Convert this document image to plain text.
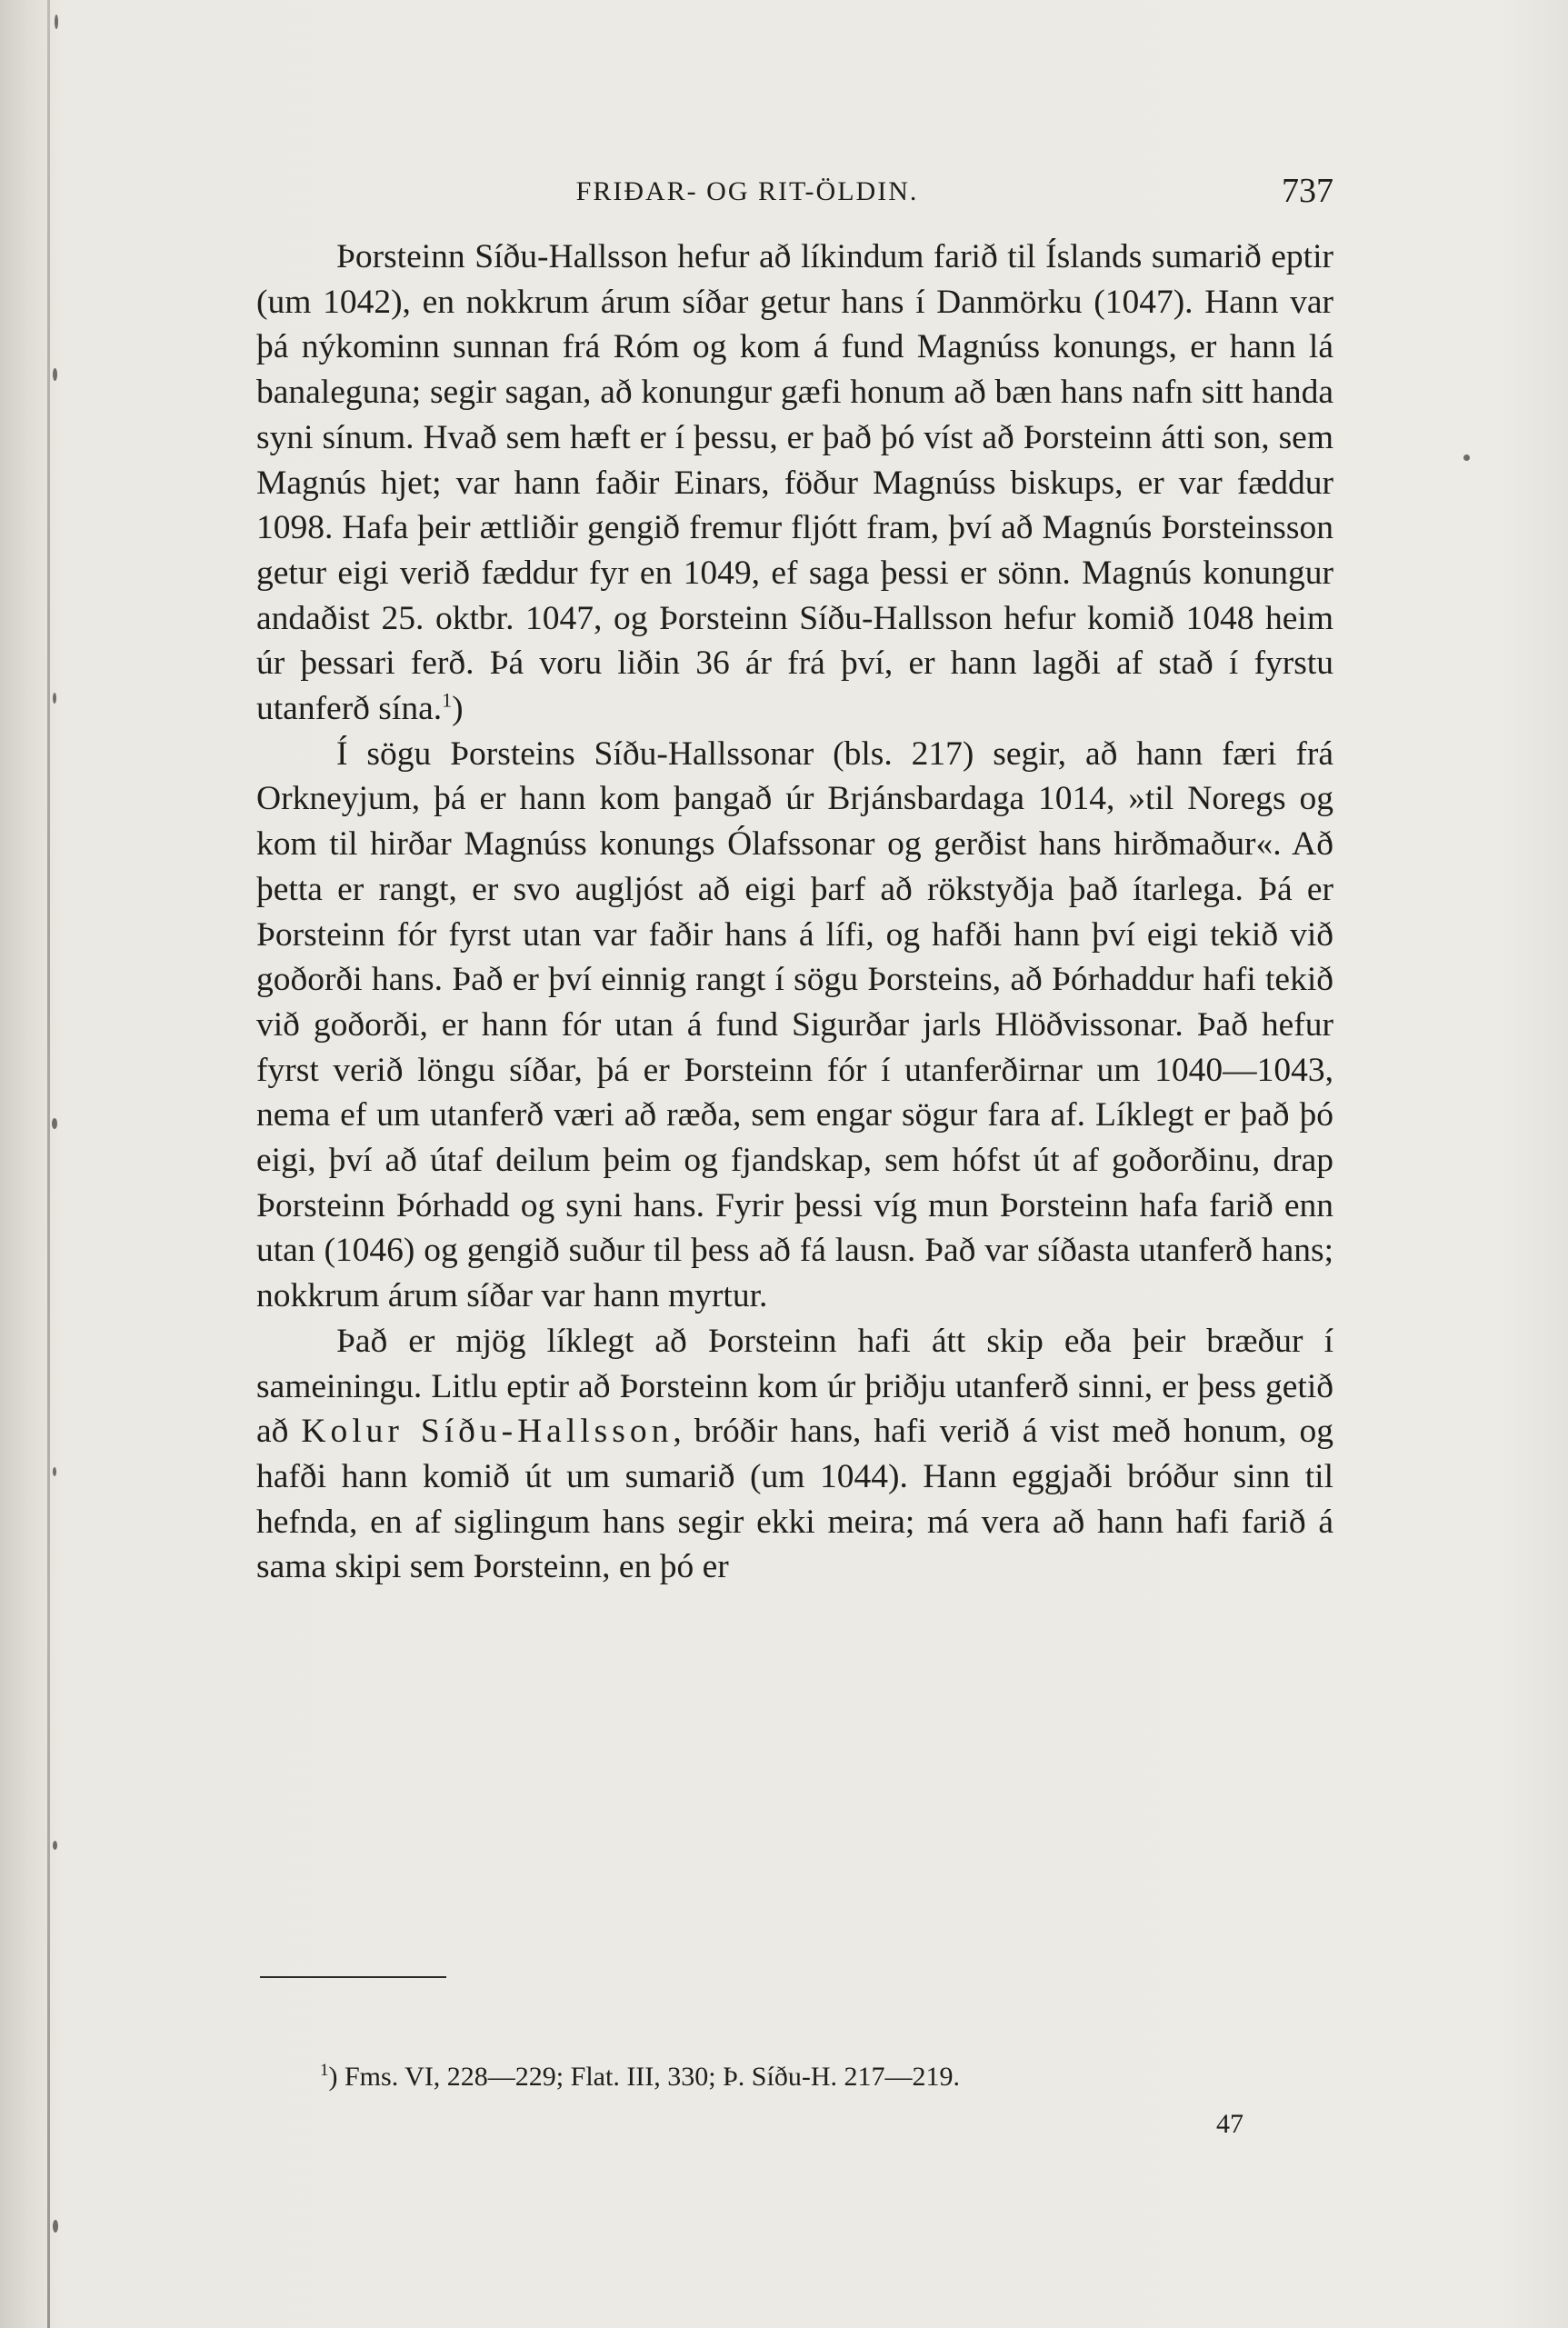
FRIÐAR- OG RIT-ÖLDIN.	737

Þorsteinn Síðu-Hallsson hefur að líkindum farið til Íslands sumarið eptir (um 1042), en nokkrum árum síðar getur hans í Danmörku (1047). Hann var þá nýkominn sunnan frá Róm og kom á fund Magnúss konungs, er hann lá banaleguna; segir sagan, að konungur gæfi honum að bæn hans nafn sitt handa syni sínum. Hvað sem hæft er í þessu, er það þó víst að Þorsteinn átti son, sem Magnús hjet; var hann faðir Einars, föður Magnúss biskups, er var fæddur 1098. Hafa þeir ættliðir gengið fremur fljótt fram, því að Magnús Þorsteinsson getur eigi verið fæddur fyr en 1049, ef saga þessi er sönn. Magnús konungur andaðist 25. oktbr. 1047, og Þorsteinn Síðu-Hallsson hefur komið 1048 heim úr þessari ferð. Þá voru liðin 36 ár frá því, er hann lagði af stað í fyrstu utanferð sína.$^1$)

Í sögu Þorsteins Síðu-Hallssonar (bls. 217) segir, að hann færi frá Orkneyjum, þá er hann kom þangað úr Brjánsbardaga 1014, »til Noregs og kom til hirðar Magnúss konungs Ólafssonar og gerðist hans hirðmaður«. Að þetta er rangt, er svo augljóst að eigi þarf að rökstyðja það ítarlega. Þá er Þorsteinn fór fyrst utan var faðir hans á lífi, og hafði hann því eigi tekið við goðorði hans. Það er því einnig rangt í sögu Þorsteins, að Þórhaddur hafi tekið við goðorði, er hann fór utan á fund Sigurðar jarls Hlöðvissonar. Það hefur fyrst verið löngu síðar, þá er Þorsteinn fór í utanferðirnar um 1040—1043, nema ef um utanferð væri að ræða, sem engar sögur fara af. Líklegt er það þó eigi, því að útaf deilum þeim og fjandskap, sem hófst út af goðorðinu, drap Þorsteinn Þórhadd og syni hans. Fyrir þessi víg mun Þorsteinn hafa farið enn utan (1046) og gengið suður til þess að fá lausn. Það var síðasta utanferð hans; nokkrum árum síðar var hann myrtur.

Það er mjög líklegt að Þorsteinn hafi átt skip eða þeir bræður í sameiningu. Litlu eptir að Þorsteinn kom úr þriðju utanferð sinni, er þess getið að Kolur Síðu-Hallsson, bróðir hans, hafi verið á vist með honum, og hafði hann komið út um sumarið (um 1044). Hann eggjaði bróður sinn til hefnda, en af siglingum hans segir ekki meira; má vera að hann hafi farið á sama skipi sem Þorsteinn, en þó er

$^1$) Fms. VI, 228—229; Flat. III, 330; Þ. Síðu-H. 217—219.
47
